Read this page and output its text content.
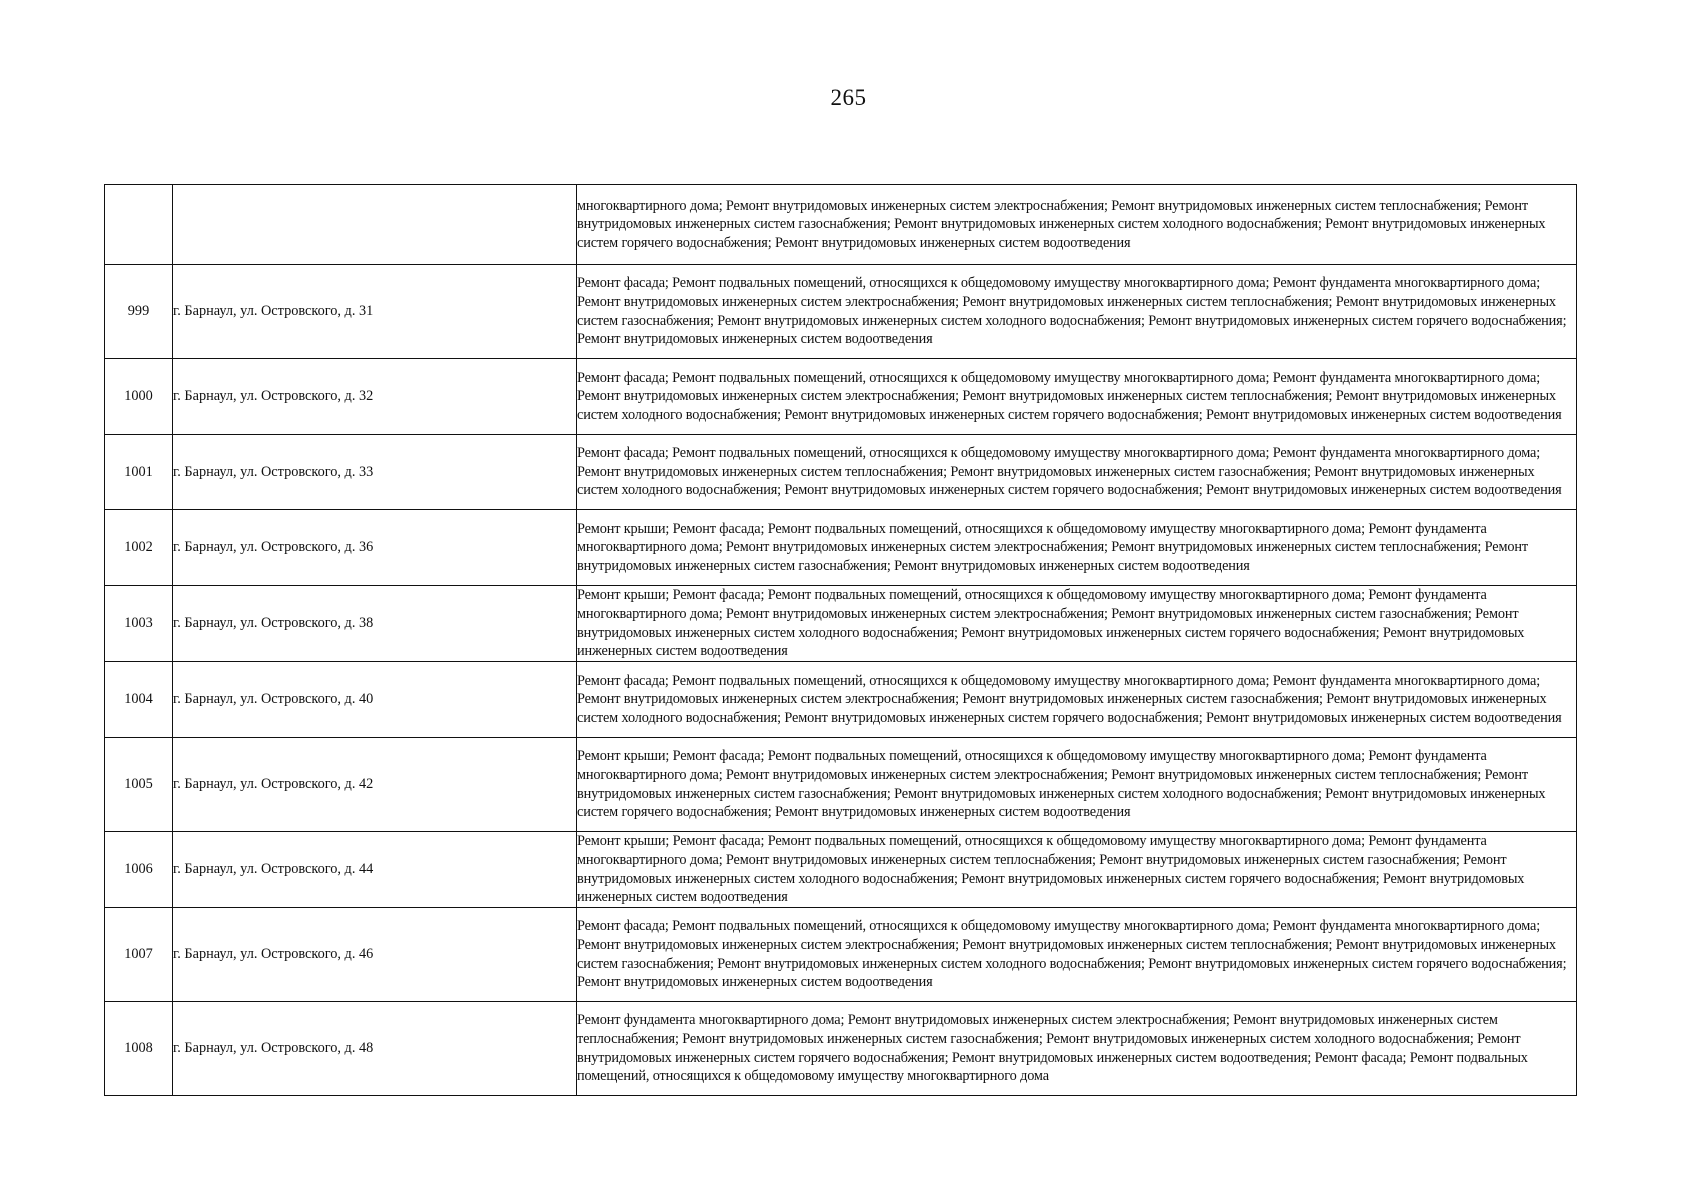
265
		многоквартирного дома; Ремонт внутридомовых инженерных систем электроснабжения; Ремонт внутридомовых инженерных систем теплоснабжения; Ремонт внутридомовых инженерных систем газоснабжения; Ремонт внутридомовых инженерных систем холодного водоснабжения; Ремонт внутридомовых инженерных систем горячего водоснабжения; Ремонт внутридомовых инженерных систем водоотведения
999	г. Барнаул, ул. Островского, д. 31	Ремонт фасада; Ремонт подвальных помещений, относящихся к общедомовому имуществу многоквартирного дома; Ремонт фундамента многоквартирного дома; Ремонт внутридомовых инженерных систем электроснабжения; Ремонт внутридомовых инженерных систем теплоснабжения; Ремонт внутридомовых инженерных систем газоснабжения; Ремонт внутридомовых инженерных систем холодного водоснабжения; Ремонт внутридомовых инженерных систем горячего водоснабжения; Ремонт внутридомовых инженерных систем водоотведения
1000	г. Барнаул, ул. Островского, д. 32	Ремонт фасада; Ремонт подвальных помещений, относящихся к общедомовому имуществу многоквартирного дома; Ремонт фундамента многоквартирного дома; Ремонт внутридомовых инженерных систем электроснабжения; Ремонт внутридомовых инженерных систем теплоснабжения; Ремонт внутридомовых инженерных систем холодного водоснабжения; Ремонт внутридомовых инженерных систем горячего водоснабжения; Ремонт внутридомовых инженерных систем водоотведения
1001	г. Барнаул, ул. Островского, д. 33	Ремонт фасада; Ремонт подвальных помещений, относящихся к общедомовому имуществу многоквартирного дома; Ремонт фундамента многоквартирного дома; Ремонт внутридомовых инженерных систем теплоснабжения; Ремонт внутридомовых инженерных систем газоснабжения; Ремонт внутридомовых инженерных систем холодного водоснабжения; Ремонт внутридомовых инженерных систем горячего водоснабжения; Ремонт внутридомовых инженерных систем водоотведения
1002	г. Барнаул, ул. Островского, д. 36	Ремонт крыши; Ремонт фасада; Ремонт подвальных помещений, относящихся к общедомовому имуществу многоквартирного дома; Ремонт фундамента многоквартирного дома; Ремонт внутридомовых инженерных систем электроснабжения; Ремонт внутридомовых инженерных систем теплоснабжения; Ремонт внутридомовых инженерных систем газоснабжения; Ремонт внутридомовых инженерных систем водоотведения
1003	г. Барнаул, ул. Островского, д. 38	Ремонт крыши; Ремонт фасада; Ремонт подвальных помещений, относящихся к общедомовому имуществу многоквартирного дома; Ремонт фундамента многоквартирного дома; Ремонт внутридомовых инженерных систем электроснабжения; Ремонт внутридомовых инженерных систем газоснабжения; Ремонт внутридомовых инженерных систем холодного водоснабжения; Ремонт внутридомовых инженерных систем горячего водоснабжения; Ремонт внутридомовых инженерных систем водоотведения
1004	г. Барнаул, ул. Островского, д. 40	Ремонт фасада; Ремонт подвальных помещений, относящихся к общедомовому имуществу многоквартирного дома; Ремонт фундамента многоквартирного дома; Ремонт внутридомовых инженерных систем электроснабжения; Ремонт внутридомовых инженерных систем газоснабжения; Ремонт внутридомовых инженерных систем холодного водоснабжения; Ремонт внутридомовых инженерных систем горячего водоснабжения; Ремонт внутридомовых инженерных систем водоотведения
1005	г. Барнаул, ул. Островского, д. 42	Ремонт крыши; Ремонт фасада; Ремонт подвальных помещений, относящихся к общедомовому имуществу многоквартирного дома; Ремонт фундамента многоквартирного дома; Ремонт внутридомовых инженерных систем электроснабжения; Ремонт внутридомовых инженерных систем теплоснабжения; Ремонт внутридомовых инженерных систем газоснабжения; Ремонт внутридомовых инженерных систем холодного водоснабжения; Ремонт внутридомовых инженерных систем горячего водоснабжения; Ремонт внутридомовых инженерных систем водоотведения
1006	г. Барнаул, ул. Островского, д. 44	Ремонт крыши; Ремонт фасада; Ремонт подвальных помещений, относящихся к общедомовому имуществу многоквартирного дома; Ремонт фундамента многоквартирного дома; Ремонт внутридомовых инженерных систем теплоснабжения; Ремонт внутридомовых инженерных систем газоснабжения; Ремонт внутридомовых инженерных систем холодного водоснабжения; Ремонт внутридомовых инженерных систем горячего водоснабжения; Ремонт внутридомовых инженерных систем водоотведения
1007	г. Барнаул, ул. Островского, д. 46	Ремонт фасада; Ремонт подвальных помещений, относящихся к общедомовому имуществу многоквартирного дома; Ремонт фундамента многоквартирного дома; Ремонт внутридомовых инженерных систем электроснабжения; Ремонт внутридомовых инженерных систем теплоснабжения; Ремонт внутридомовых инженерных систем газоснабжения; Ремонт внутридомовых инженерных систем холодного водоснабжения; Ремонт внутридомовых инженерных систем горячего водоснабжения; Ремонт внутридомовых инженерных систем водоотведения
1008	г. Барнаул, ул. Островского, д. 48	Ремонт фундамента многоквартирного дома; Ремонт внутридомовых инженерных систем электроснабжения; Ремонт внутридомовых инженерных систем теплоснабжения; Ремонт внутридомовых инженерных систем газоснабжения; Ремонт внутридомовых инженерных систем холодного водоснабжения; Ремонт внутридомовых инженерных систем горячего водоснабжения; Ремонт внутридомовых инженерных систем водоотведения; Ремонт фасада; Ремонт подвальных помещений, относящихся к общедомовому имуществу многоквартирного дома
